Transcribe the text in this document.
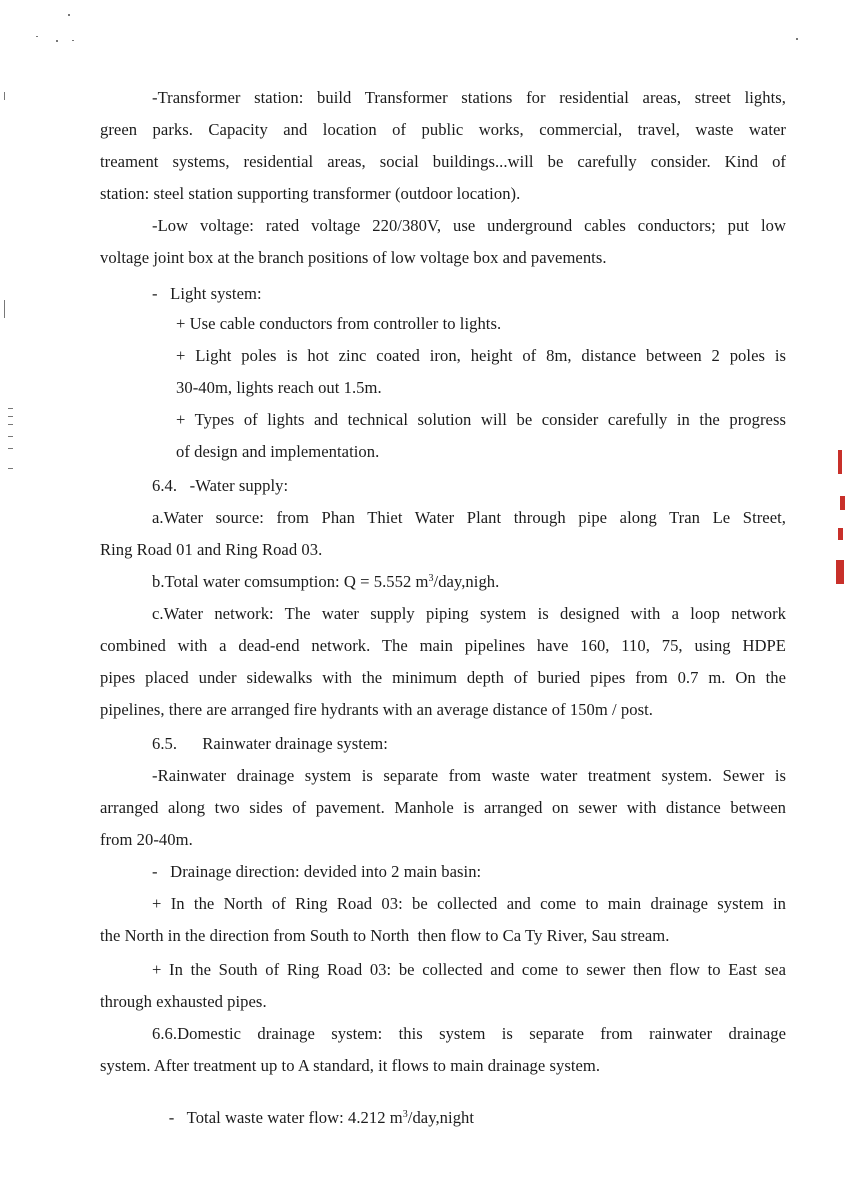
-Transformer station: build Transformer stations for residential areas, street lights,
green parks. Capacity and location of public works, commercial, travel, waste water
treament systems, residential areas, social buildings...will be carefully consider. Kind of
station: steel station supporting transformer (outdoor location).
-Low voltage: rated voltage 220/380V, use underground cables conductors; put low
voltage joint box at the branch positions of low voltage box and pavements.
-   Light system:
+ Use cable conductors from controller to lights.
+ Light poles is hot zinc coated iron, height of 8m, distance between 2 poles is
30-40m, lights reach out 1.5m.
+ Types of lights and technical solution will be consider carefully in the progress
of design and implementation.
6.4.   -Water supply:
a.Water source: from Phan Thiet Water Plant through pipe along Tran Le Street,
Ring Road 01 and Ring Road 03.
b.Total water comsumption: Q = 5.552 $m^3/day,nigh$.
c.Water network: The water supply piping system is designed with a loop network
combined with a dead-end network. The main pipelines have 160, 110, 75, using HDPE
pipes placed under sidewalks with the minimum depth of buried pipes from 0.7 m. On the
pipelines, there are arranged fire hydrants with an average distance of 150m / post.
6.5.      Rainwater drainage system:
-Rainwater drainage system is separate from waste water treatment system. Sewer is
arranged along two sides of pavement. Manhole is arranged on sewer with distance between
from 20-40m.
-   Drainage direction: devided into 2 main basin:
+ In the North of Ring Road 03: be collected and come to main drainage system in
the North in the direction from South to North  then flow to Ca Ty River, Sau stream.
+ In the South of Ring Road 03: be collected and come to sewer then flow to East sea
through exhausted pipes.
6.6.Domestic drainage system: this system is separate from rainwater drainage
system. After treatment up to A standard, it flows to main drainage system.

-   Total waste water flow: 4.212 $m^3/day,night$
